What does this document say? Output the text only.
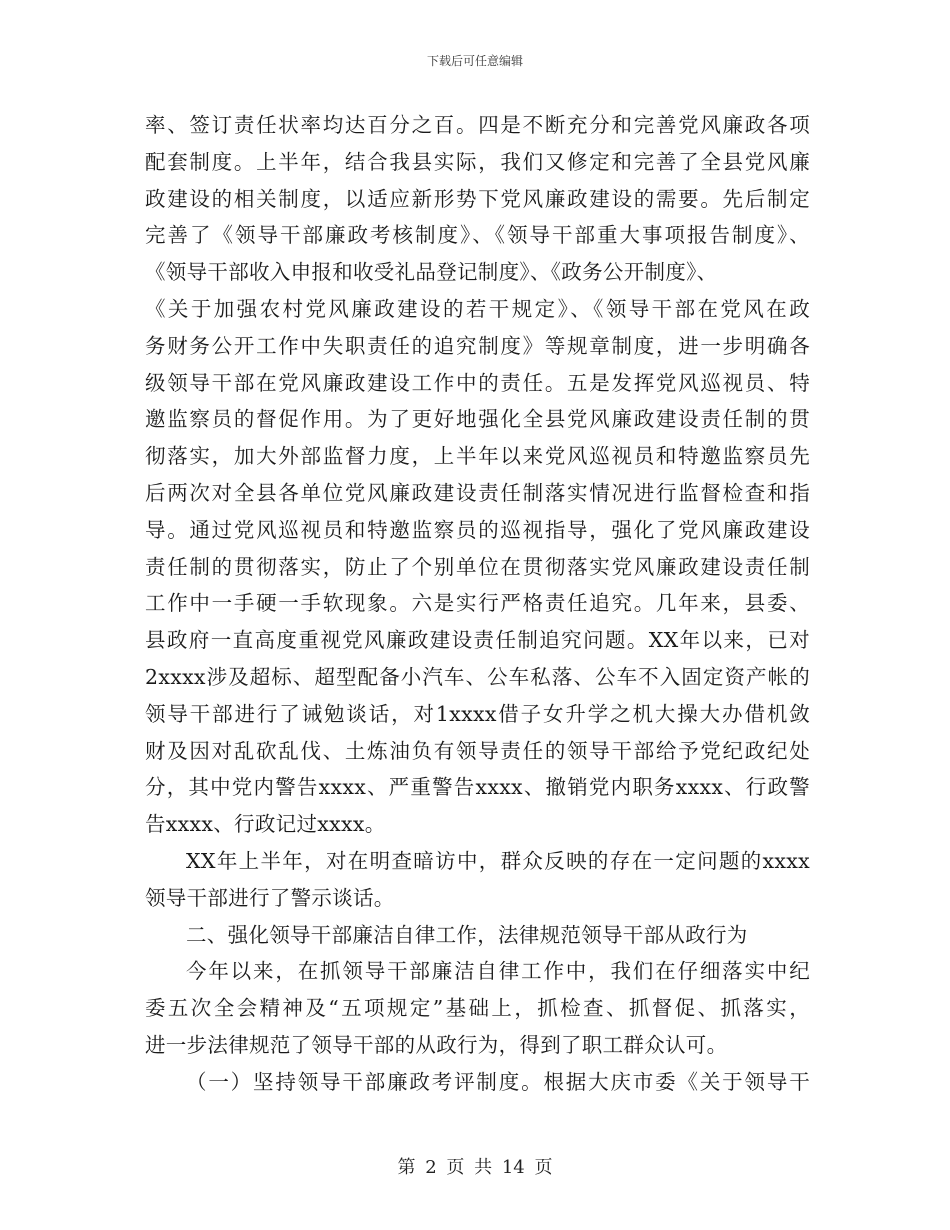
下载后可任意编辑
率、签订责任状率均达百分之百。四是不断充分和完善党风廉政各项
配套制度。上半年，结合我县实际，我们又修定和完善了全县党风廉
政建设的相关制度，以适应新形势下党风廉政建设的需要。先后制定
完善了《领导干部廉政考核制度》、《领导干部重大事项报告制度》、
《领导干部收入申报和收受礼品登记制度》、《政务公开制度》、
《关于加强农村党风廉政建设的若干规定》、《领导干部在党风在政
务财务公开工作中失职责任的追究制度》等规章制度，进一步明确各
级领导干部在党风廉政建设工作中的责任。五是发挥党风巡视员、特
邀监察员的督促作用。为了更好地强化全县党风廉政建设责任制的贯
彻落实，加大外部监督力度，上半年以来党风巡视员和特邀监察员先
后两次对全县各单位党风廉政建设责任制落实情况进行监督检查和指
导。通过党风巡视员和特邀监察员的巡视指导，强化了党风廉政建设
责任制的贯彻落实，防止了个别单位在贯彻落实党风廉政建设责任制
工作中一手硬一手软现象。六是实行严格责任追究。几年来，县委、
县政府一直高度重视党风廉政建设责任制追究问题。XX年以来，已对
2xxxx涉及超标、超型配备小汽车、公车私落、公车不入固定资产帐的
领导干部进行了诫勉谈话，对1xxxx借子女升学之机大操大办借机敛
财及因对乱砍乱伐、土炼油负有领导责任的领导干部给予党纪政纪处
分，其中党内警告xxxx、严重警告xxxx、撤销党内职务xxxx、行政警
告xxxx、行政记过xxxx。
XX年上半年，对在明查暗访中，群众反映的存在一定问题的xxxx
领导干部进行了警示谈话。
二、强化领导干部廉洁自律工作，法律规范领导干部从政行为
今年以来，在抓领导干部廉洁自律工作中，我们在仔细落实中纪
委五次全会精神及“五项规定”基础上，抓检查、抓督促、抓落实，
进一步法律规范了领导干部的从政行为，得到了职工群众认可。
（一）坚持领导干部廉政考评制度。根据大庆市委《关于领导干
第 2 页 共 14 页
